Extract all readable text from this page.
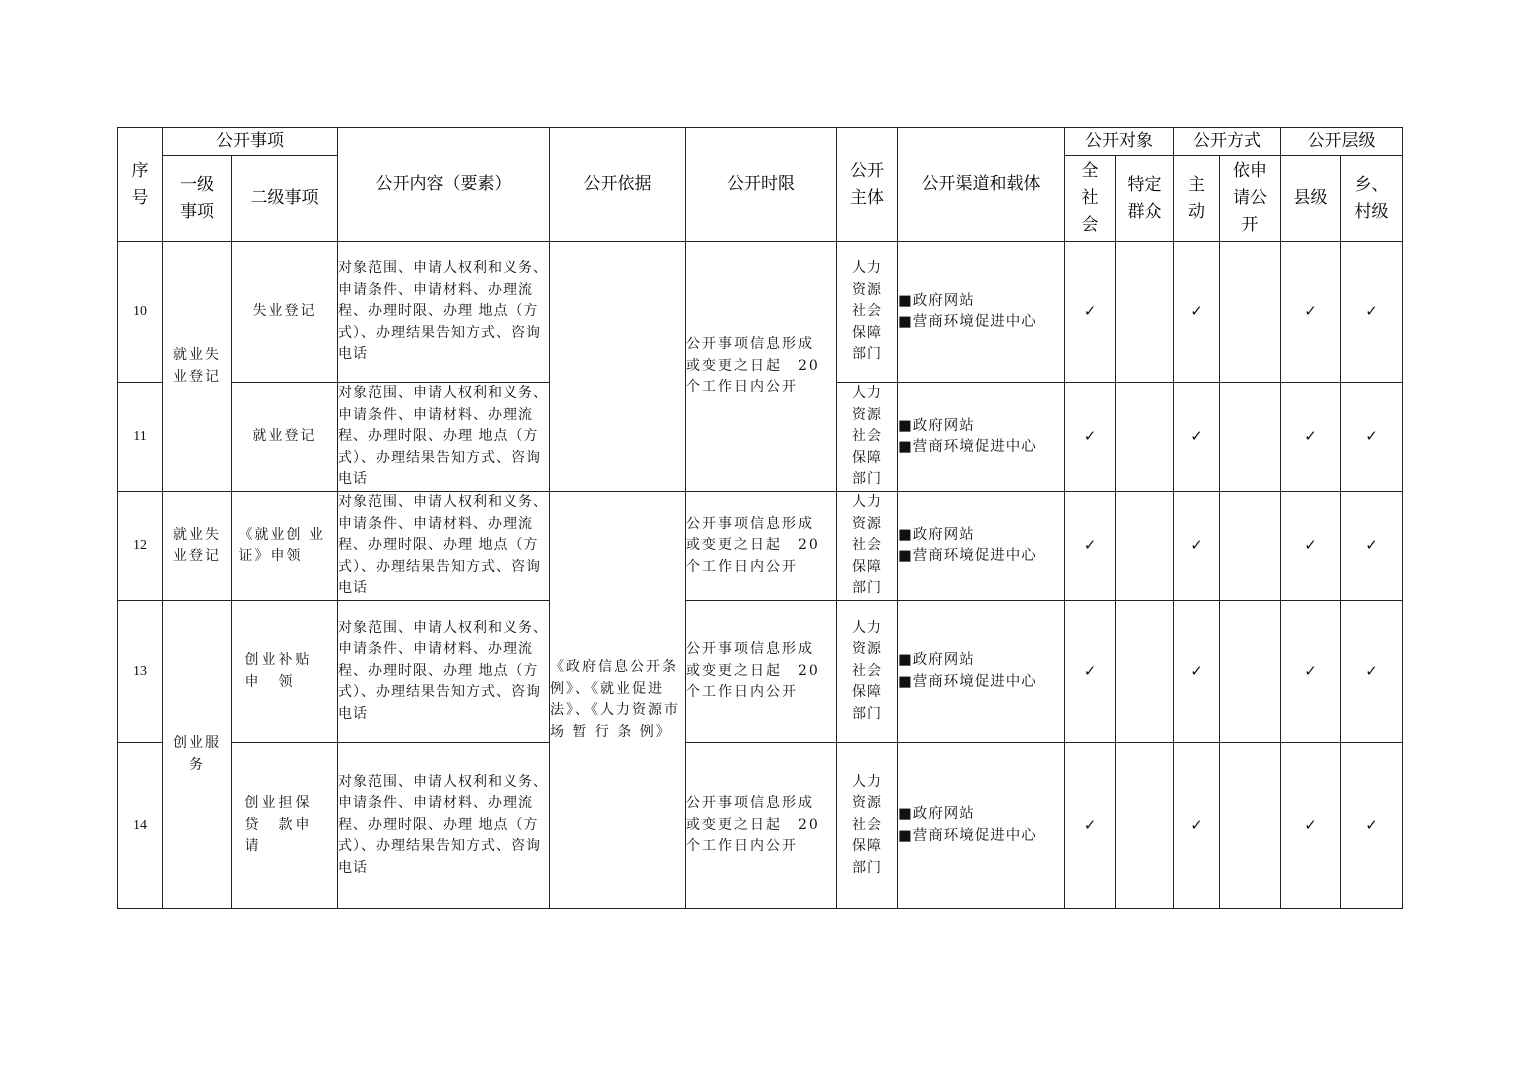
序号	公开事项		公开内容（要素）	公开依据	公开时限	公开主体	公开渠道和载体	公开对象		公开方式		公开层级	
	一级事项	二级事项						全社会	特定群众	主动	依申请公开	县级	乡、村级
10	就业失业登记	失业登记	对象范围、申请人权利和义务、申请条件、申请材料、办理流程、办理时限、办理 地点（方式）、办理结果告知方式、咨询电话		公开事项信息形成 或变更之日起　20 个工作日内公开	人力资源社会保障部门	■政府网站
■营商环境促进中心	✓		✓		✓	✓
11		就业登记	对象范围、申请人权利和义务、申请条件、申请材料、办理流程、办理时限、办理 地点（方式）、办理结果告知方式、咨询电话			人力资源社会保障部门	■政府网站
■营商环境促进中心	✓		✓		✓	✓
12	就业失业登记	《就业创 业　证》申领	对象范围、申请人权利和义务、申请条件、申请材料、办理流程、办理时限、办理 地点（方式）、办理结果告知方式、咨询电话	《政府信息公开条例》、《就业促进法》、《人力资源市 场 暂 行 条 例》	公开事项信息形成 或变更之日起　20 个工作日内公开	人力资源社会保障部门	■政府网站
■营商环境促进中心	✓		✓		✓	✓
13	创业服务	创业补贴 申　领	对象范围、申请人权利和义务、申请条件、申请材料、办理流程、办理时限、办理 地点（方式）、办理结果告知方式、咨询电话		公开事项信息形成 或变更之日起　20 个工作日内公开	人力资源社会保障部门	■政府网站
■营商环境促进中心	✓		✓		✓	✓
14		创业担保 贷　款申请	对象范围、申请人权利和义务、申请条件、申请材料、办理流程、办理时限、办理 地点（方式）、办理结果告知方式、咨询电话		公开事项信息形成 或变更之日起　20 个工作日内公开	人力资源社会保障部门	■政府网站
■营商环境促进中心	✓		✓		✓	✓
